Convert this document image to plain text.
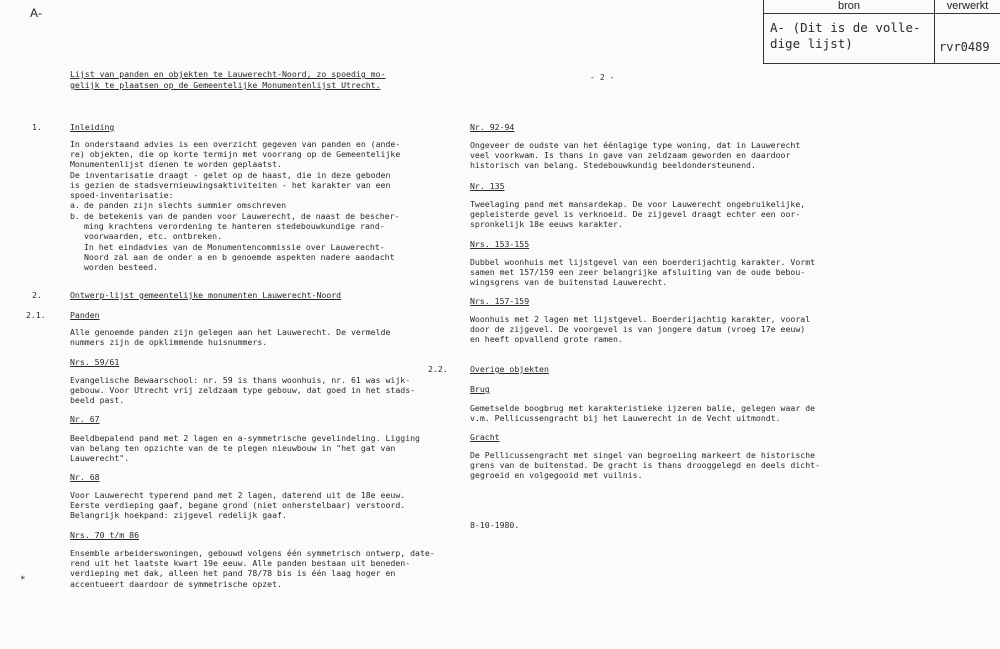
A-	bron	verwerkt
A- (Dit is de volle-
dige lijst)	rvr0489
Lijst van panden en objekten te Lauwerecht-Noord, zo spoedig mo-
gelijk te plaatsen op de Gemeentelijke Monumentenlijst Utrecht.
- 2 -
1.	Inleiding
In onderstaand advies is een overzicht gegeven van panden en (ande-
re) objekten, die op korte termijn met voorrang op de Gemeentelijke
Monumentenlijst dienen te worden geplaatst.
De inventarisatie draagt - gelet op de haast, die in deze geboden
is gezien de stadsvernieuwingsaktiviteiten - het karakter van een
spoed-inventarisatie:
a. de panden zijn slechts summier omschreven
b. de betekenis van de panden voor Lauwerecht, de naast de bescher-
ming krachtens verordening te hanteren stedebouwkundige rand-
voorwaarden, etc. ontbreken.
In het eindadvies van de Monumentencommissie over Lauwerecht-
Noord zal aan de onder a en b genoemde aspekten nadere aandacht
worden besteed.
2.	Ontwerp-lijst gemeentelijke monumenten Lauwerecht-Noord
2.1.	Panden
Alle genoemde panden zijn gelegen aan het Lauwerecht. De vermelde
nummers zijn de opklimmende huisnummers.
Nrs. 59/61
Evangelische Bewaarschool: nr. 59 is thans woonhuis, nr. 61 was wijk-
gebouw. Voor Utrecht vrij zeldzaam type gebouw, dat goed in het stads-
beeld past.
Nr. 67
Beeldbepalend pand met 2 lagen en a-symmetrische gevelindeling. Ligging
van belang ten opzichte van de te plegen nieuwbouw in "het gat van
Lauwerecht".
Nr. 68
Voor Lauwerecht typerend pand met 2 lagen, daterend uit de 18e eeuw.
Eerste verdieping gaaf, begane grond (niet onherstelbaar) verstoord.
Belangrijk hoekpand: zijgevel redelijk gaaf.
Nrs. 70 t/m 86
Ensemble arbeiderswoningen, gebouwd volgens één symmetrisch ontwerp, date-
rend uit het laatste kwart 19e eeuw. Alle panden bestaan uit beneden-
verdieping met dak, alleen het pand 78/78 bis is één laag hoger en
accentueert daardoor de symmetrische opzet.
*
Nr. 92-94
Ongeveer de oudste van het éénlagige type woning, dat in Lauwerecht
veel voorkwam. Is thans in gave van zeldzaam geworden en daardoor
historisch van belang. Stedebouwkundig beeldondersteunend.
Nr. 135
Tweelaging pand met mansardekap. De voor Lauwerecht ongebruikelijke,
gepleisterde gevel is verknoeid. De zijgevel draagt echter een oor-
spronkelijk 18e eeuws karakter.
Nrs. 153-155
Dubbel woonhuis met lijstgevel van een boerderijachtig karakter. Vormt
samen met 157/159 een zeer belangrijke afsluiting van de oude bebou-
wingsgrens van de buitenstad Lauwerecht.
Nrs. 157-159
Woonhuis met 2 lagen met lijstgevel. Boerderijachtig karakter, vooral
door de zijgevel. De voorgevel is van jongere datum (vroeg 17e eeuw)
en heeft opvallend grote ramen.
2.2.	Overige objekten
Brug
Gemetselde boogbrug met karakteristieke ijzeren balie, gelegen waar de
v.m. Pellicussengracht bij het Lauwerecht in de Vecht uitmondt.
Gracht
De Pellicussengracht met singel van begroeiing markeert de historische
grens van de buitenstad. De gracht is thans drooggelegd en deels dicht-
gegroeid en volgegooid met vuilnis.
8-10-1980.
